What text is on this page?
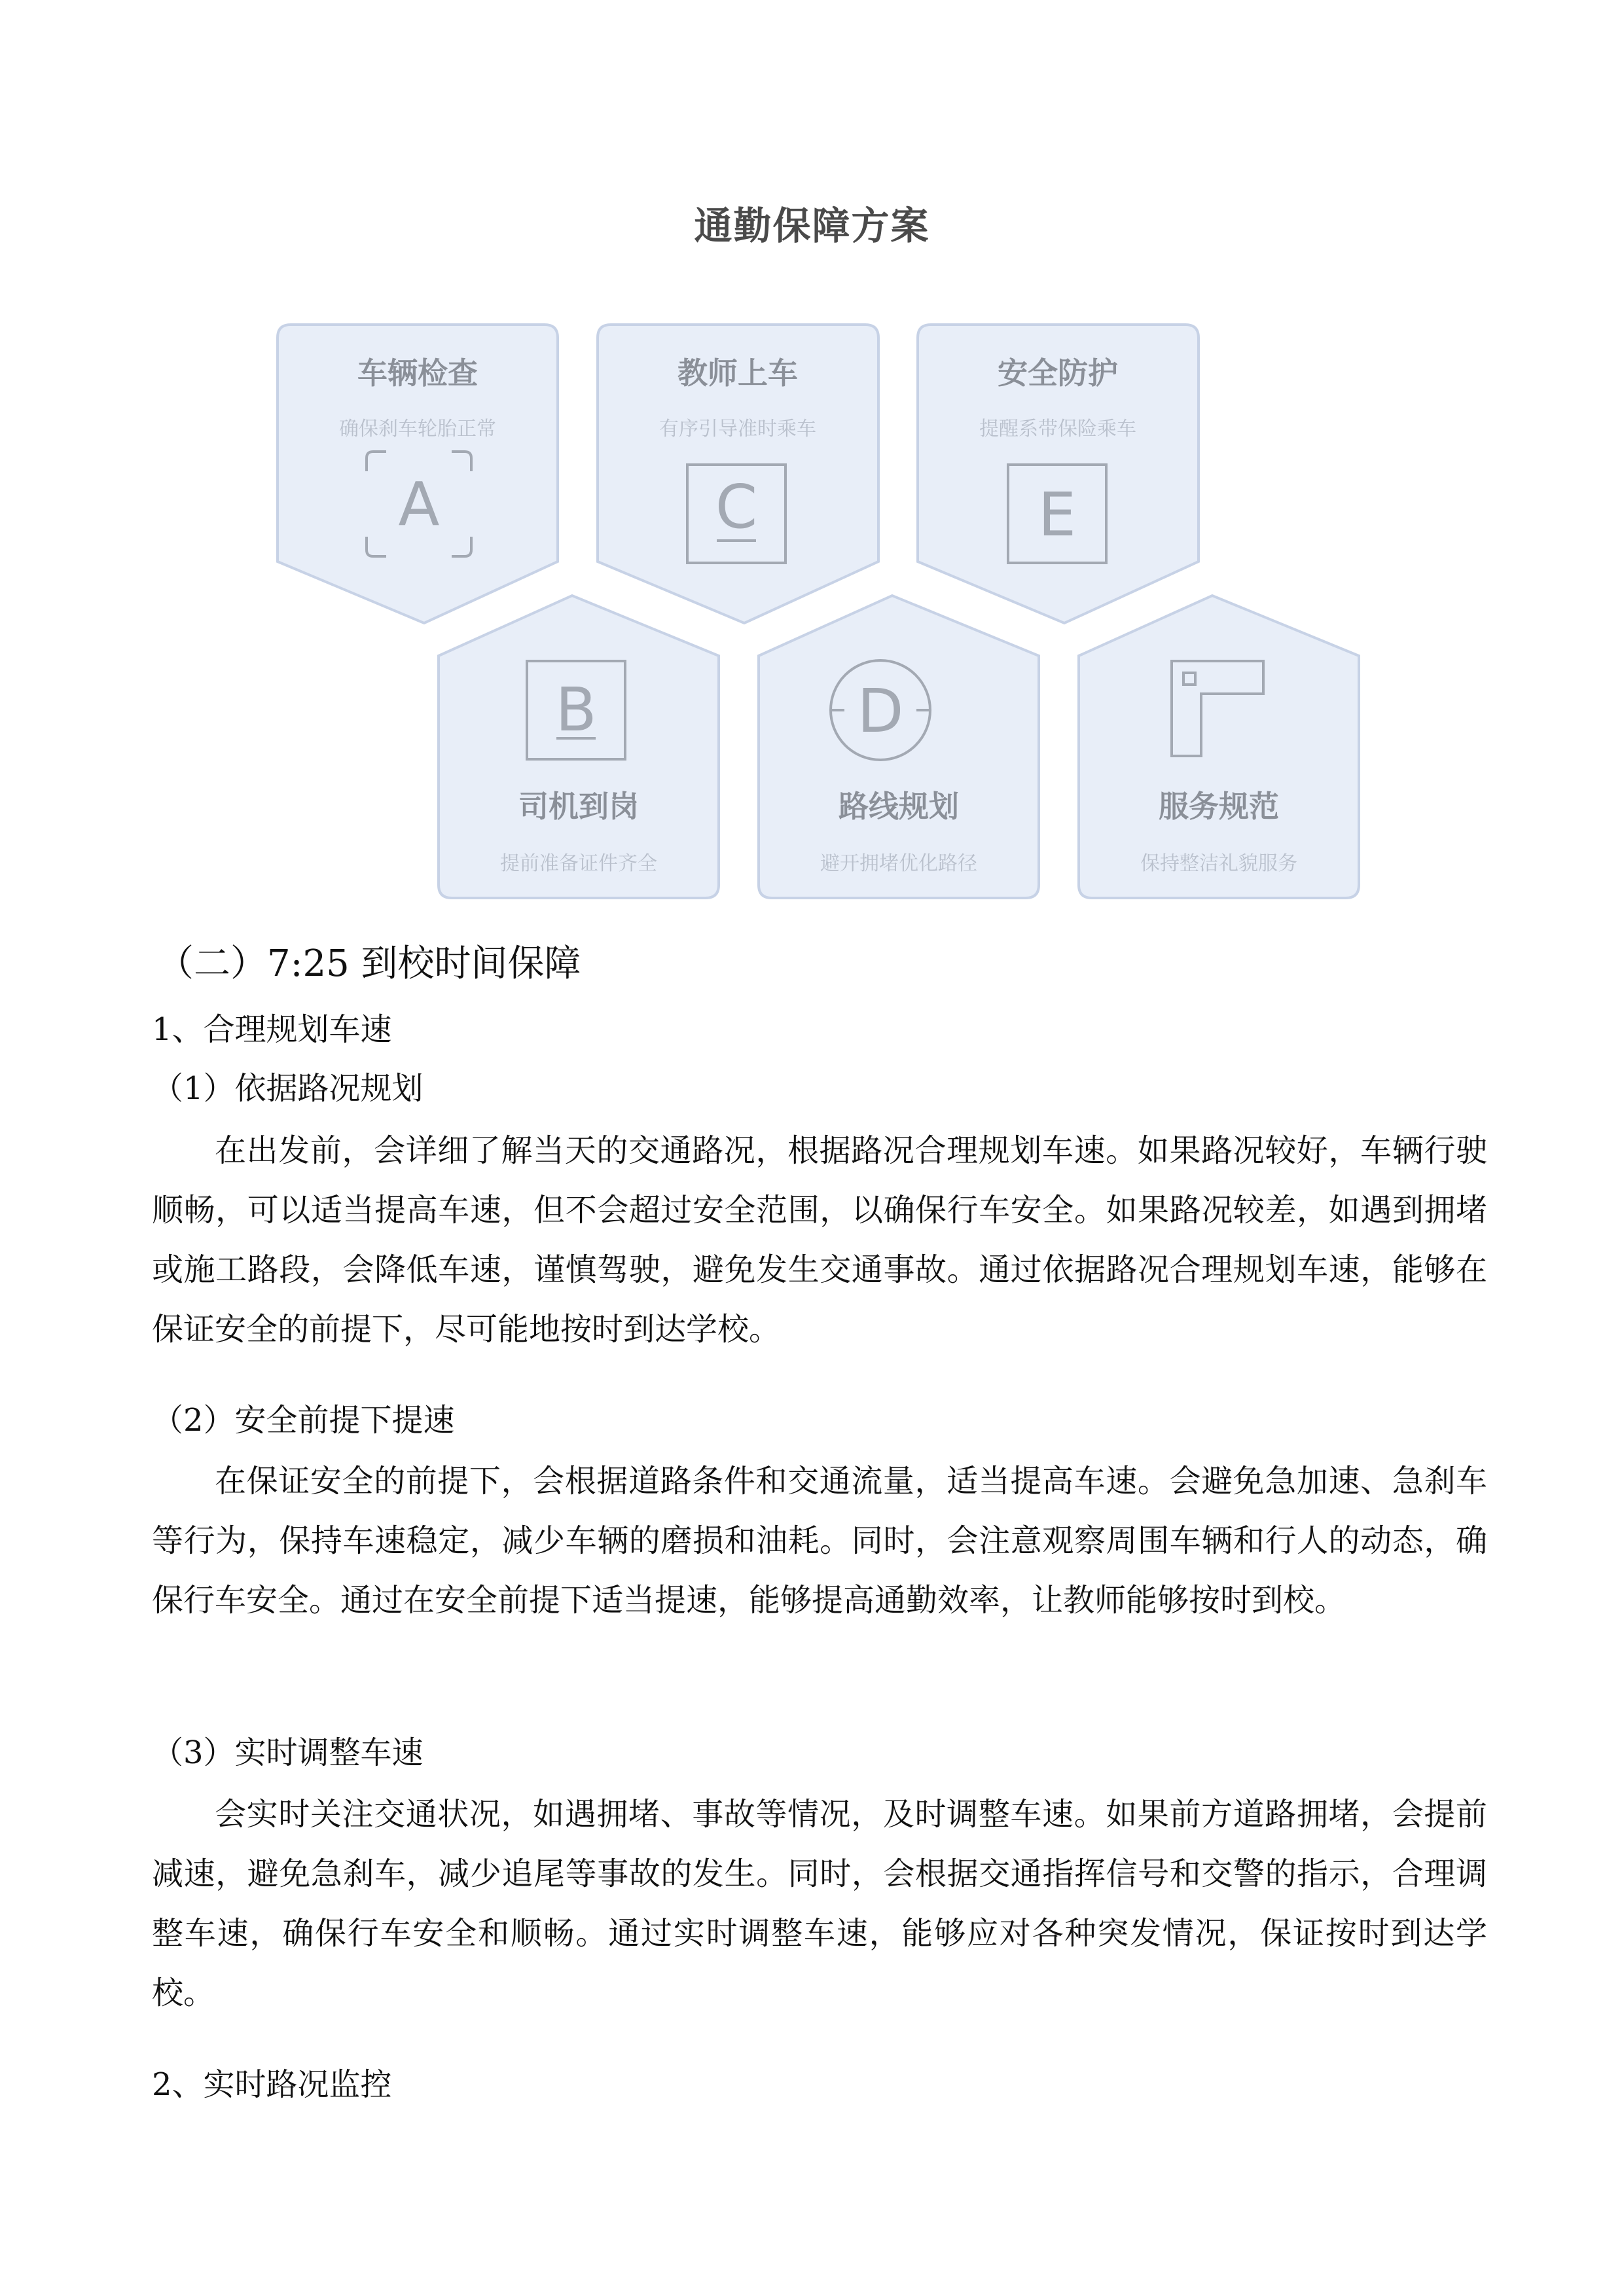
通勤保障方案
A	C	E
B	D
车辆检查
确保刹车轮胎正常
教师上车
有序引导准时乘车
安全防护
提醒系带保险乘车
司机到岗
提前准备证件齐全
路线规划
避开拥堵优化路径
服务规范
保持整洁礼貌服务
（二）7:25 到校时间保障
1、合理规划车速
（1）依据路况规划
在出发前，会详细了解当天的交通路况，根据路况合理规划车速。如果路况较好，车辆行驶顺畅，可以适当提高车速，但不会超过安全范围，以确保行车安全。如果路况较差，如遇到拥堵或施工路段，会降低车速，谨慎驾驶，避免发生交通事故。通过依据路况合理规划车速，能够在保证安全的前提下，尽可能地按时到达学校。
（2）安全前提下提速
在保证安全的前提下，会根据道路条件和交通流量，适当提高车速。会避免急加速、急刹车等行为，保持车速稳定，减少车辆的磨损和油耗。同时，会注意观察周围车辆和行人的动态，确保行车安全。通过在安全前提下适当提速，能够提高通勤效率，让教师能够按时到校。
（3）实时调整车速
会实时关注交通状况，如遇拥堵、事故等情况，及时调整车速。如果前方道路拥堵，会提前减速，避免急刹车，减少追尾等事故的发生。同时，会根据交通指挥信号和交警的指示，合理调整车速，确保行车安全和顺畅。通过实时调整车速，能够应对各种突发情况，保证按时到达学校。
2、实时路况监控
